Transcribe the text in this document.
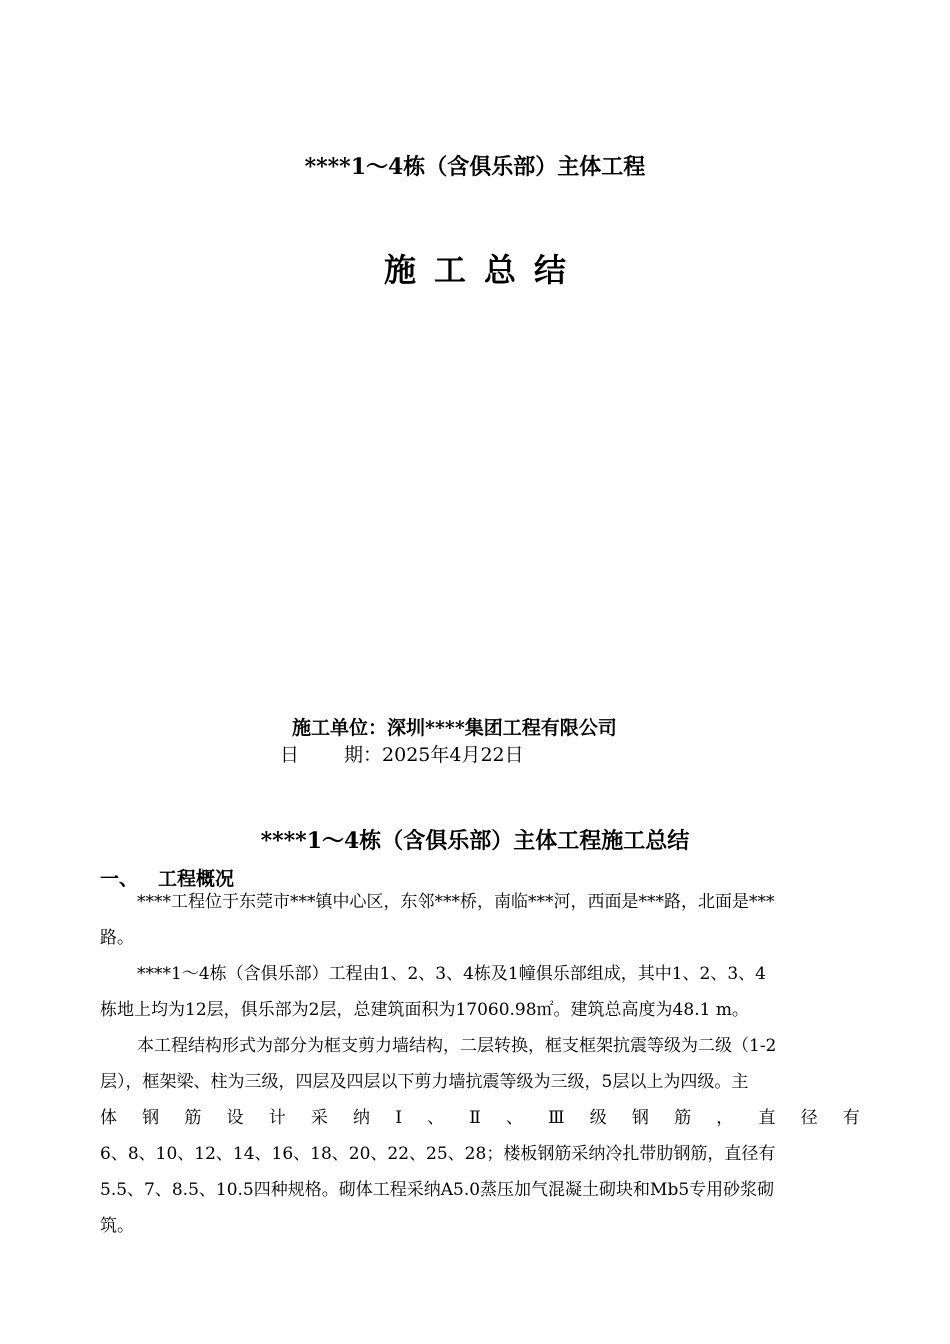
****1～4栋（含俱乐部）主体工程
施工总结
施工单位：深圳****集团工程有限公司
日 期：2025年4月22日
****1～4栋（含俱乐部）主体工程施工总结
一、 工程概况
****工程位于东莞市***镇中心区，东邻***桥，南临***河，西面是***路，北面是***
路。
****1～4栋（含俱乐部）工程由1、2、3、4栋及1幢俱乐部组成，其中1、2、3、4
栋地上均为12层，俱乐部为2层，总建筑面积为17060.98㎡。建筑总高度为48.1 m。
本工程结构形式为部分为框支剪力墙结构，二层转换，框支框架抗震等级为二级（1-2
层），框架梁、柱为三级，四层及四层以下剪力墙抗震等级为三级，5层以上为四级。主
体 钢 筋 设 计 采 纳 Ⅰ 、 Ⅱ 、 Ⅲ 级 钢 筋 ， 直 径 有
6、8、10、12、14、16、18、20、22、25、28；楼板钢筋采纳冷扎带肋钢筋，直径有
5.5、7、8.5、10.5四种规格。砌体工程采纳A5.0蒸压加气混凝土砌块和Mb5专用砂浆砌
筑。
